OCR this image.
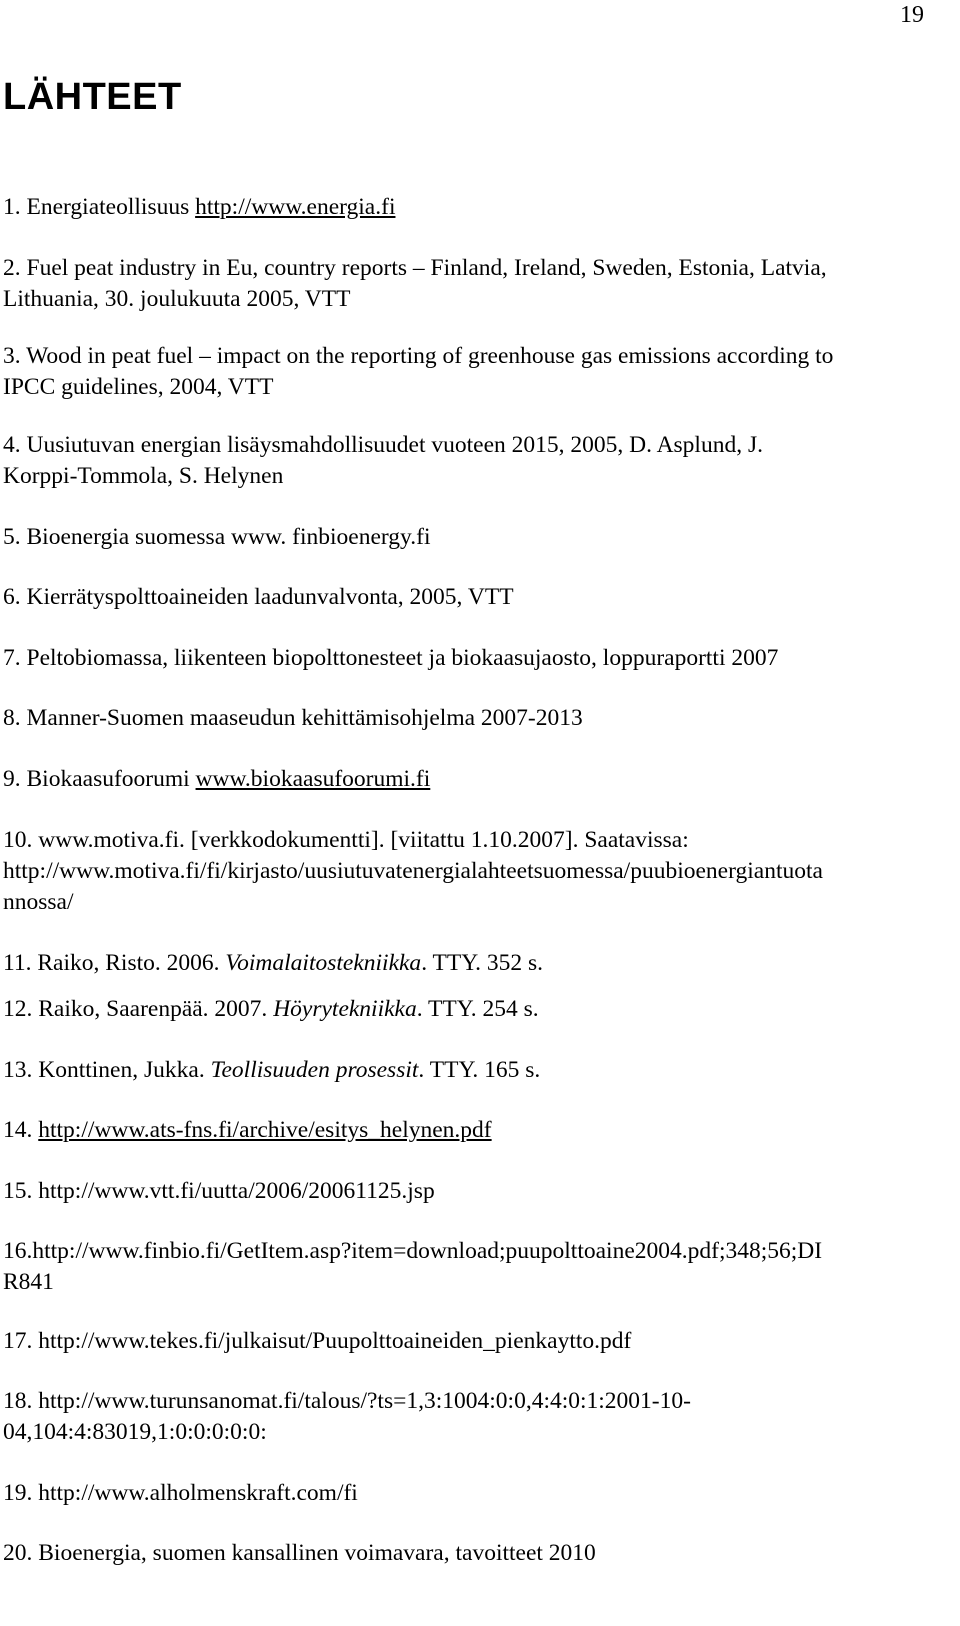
19
LÄHTEET
1. Energiateollisuus http://www.energia.fi
2. Fuel peat industry in Eu, country reports – Finland, Ireland, Sweden, Estonia, Latvia,
Lithuania, 30. joulukuuta 2005, VTT
3. Wood in peat fuel – impact on the reporting of greenhouse gas emissions according to
IPCC guidelines, 2004, VTT
4. Uusiutuvan energian lisäysmahdollisuudet vuoteen 2015, 2005, D. Asplund, J.
Korppi-Tommola, S. Helynen
5. Bioenergia suomessa www. finbioenergy.fi
6. Kierrätyspolttoaineiden laadunvalvonta, 2005, VTT
7. Peltobiomassa, liikenteen biopolttonesteet ja biokaasujaosto, loppuraportti 2007
8. Manner-Suomen maaseudun kehittämisohjelma 2007-2013
9. Biokaasufoorumi www.biokaasufoorumi.fi
10. www.motiva.fi. [verkkodokumentti]. [viitattu 1.10.2007]. Saatavissa:
http://www.motiva.fi/fi/kirjasto/uusiutuvatenergialahteetsuomessa/puubioenergiantuota
nnossa/
11. Raiko, Risto. 2006. Voimalaitostekniikka. TTY. 352 s.
12. Raiko, Saarenpää. 2007. Höyrytekniikka. TTY. 254 s.
13. Konttinen, Jukka. Teollisuuden prosessit. TTY. 165 s.
14. http://www.ats-fns.fi/archive/esitys_helynen.pdf
15. http://www.vtt.fi/uutta/2006/20061125.jsp
16.http://www.finbio.fi/GetItem.asp?item=download;puupolttoaine2004.pdf;348;56;DI
R841
17. http://www.tekes.fi/julkaisut/Puupolttoaineiden_pienkaytto.pdf
18. http://www.turunsanomat.fi/talous/?ts=1,3:1004:0:0,4:4:0:1:2001-10-
04,104:4:83019,1:0:0:0:0:0:
19. http://www.alholmenskraft.com/fi
20. Bioenergia, suomen kansallinen voimavara, tavoitteet 2010
